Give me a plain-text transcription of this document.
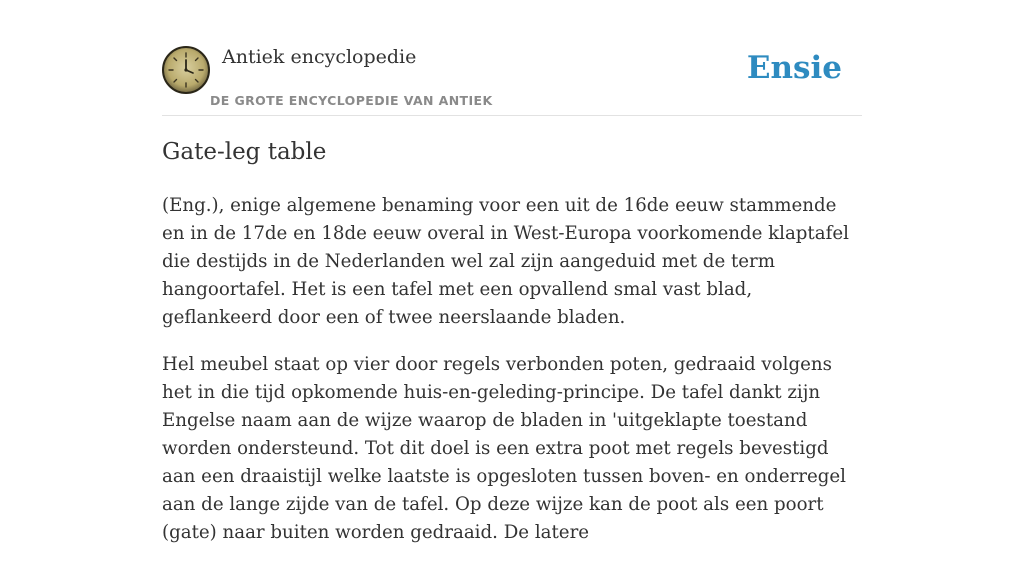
Antiek encyclopedie
DE GROTE ENCYCLOPEDIE VAN ANTIEK
Ensie
Gate-leg table

(Eng.), enige algemene benaming voor een uit de 16de eeuw stammende en in de 17de en 18de eeuw overal in West-Europa voorkomende klaptafel die destijds in de Nederlanden wel zal zijn aangeduid met de term hangoortafel. Het is een tafel met een opvallend smal vast blad, geflankeerd door een of twee neerslaande bladen.

Hel meubel staat op vier door regels verbonden poten, gedraaid volgens het in die tijd opkomende huis-en-geleding-principe. De tafel dankt zijn Engelse naam aan de wijze waarop de bladen in 'uitgeklapte toestand worden ondersteund. Tot dit doel is een extra poot met regels bevestigd aan een draaistijl welke laatste is opgesloten tussen boven- en onderregel aan de lange zijde van de tafel. Op deze wijze kan de poot als een poort (gate) naar buiten worden gedraaid. De latere
